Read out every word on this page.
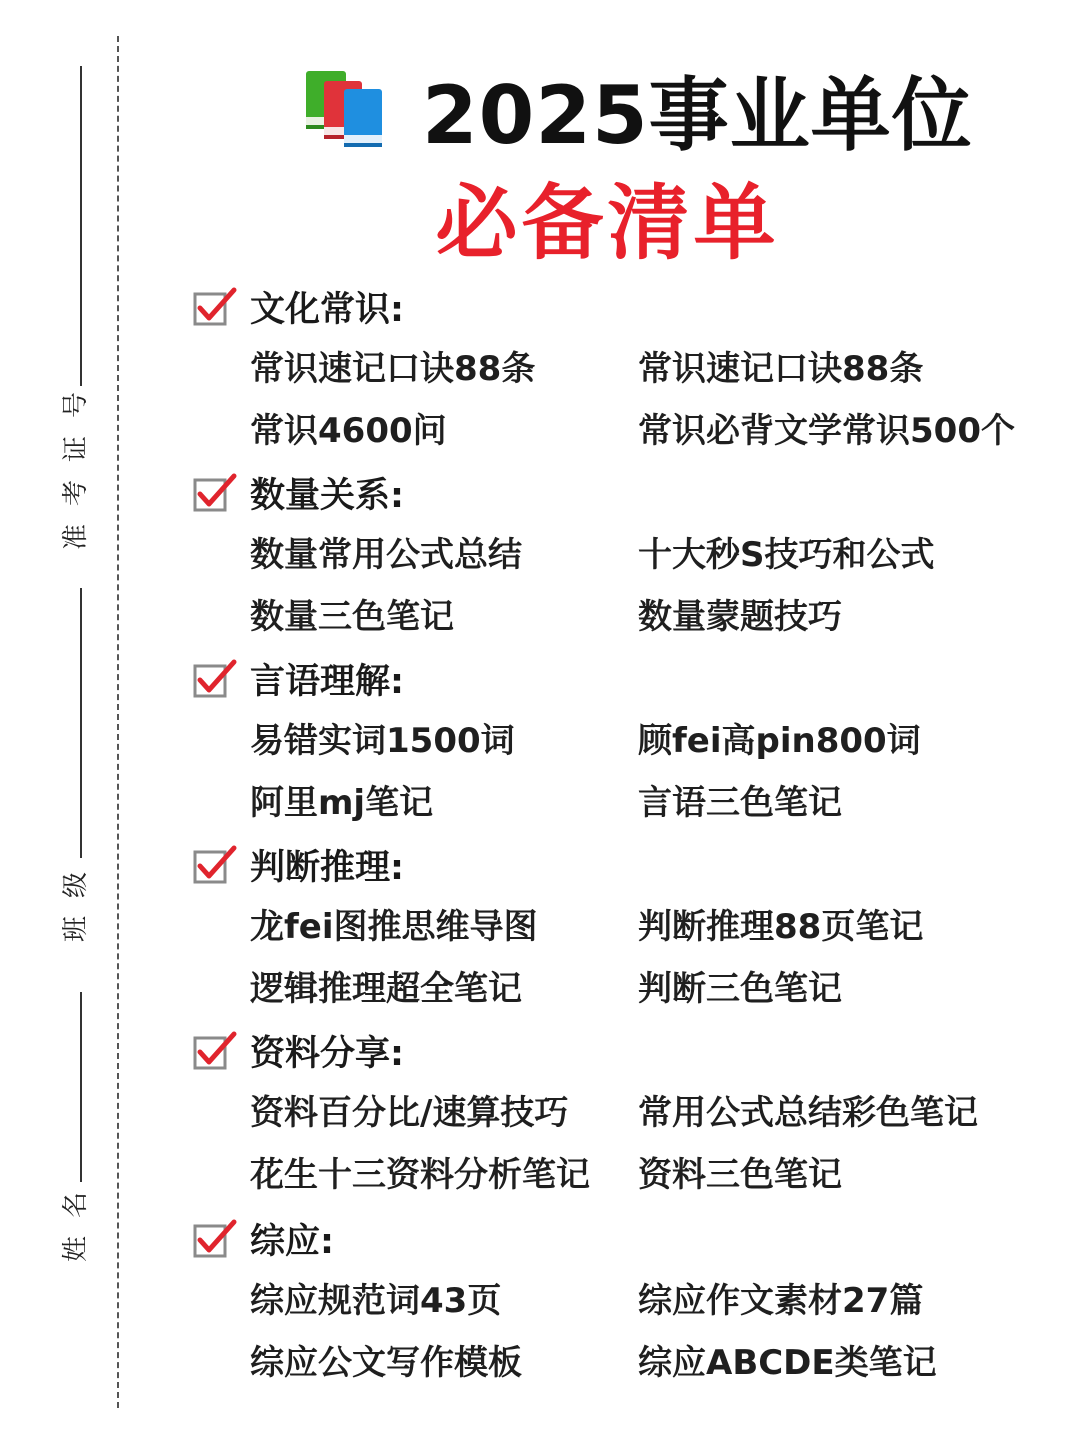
号
证
考
准
级
班
名
姓
2025事业单位
必备清单
文化常识:
常识速记口诀88条	常识速记口诀88条
常识4600问	常识必背文学常识500个
数量关系:
数量常用公式总结	十大秒S技巧和公式
数量三色笔记	数量蒙题技巧
言语理解:
易错实词1500词	顾fei高pin800词
阿里mj笔记	言语三色笔记
判断推理:
龙fei图推思维导图	判断推理88页笔记
逻辑推理超全笔记	判断三色笔记
资料分享:
资料百分比/速算技巧	常用公式总结彩色笔记
花生十三资料分析笔记	资料三色笔记
综应:
综应规范词43页	综应作文素材27篇
综应公文写作模板	综应ABCDE类笔记
